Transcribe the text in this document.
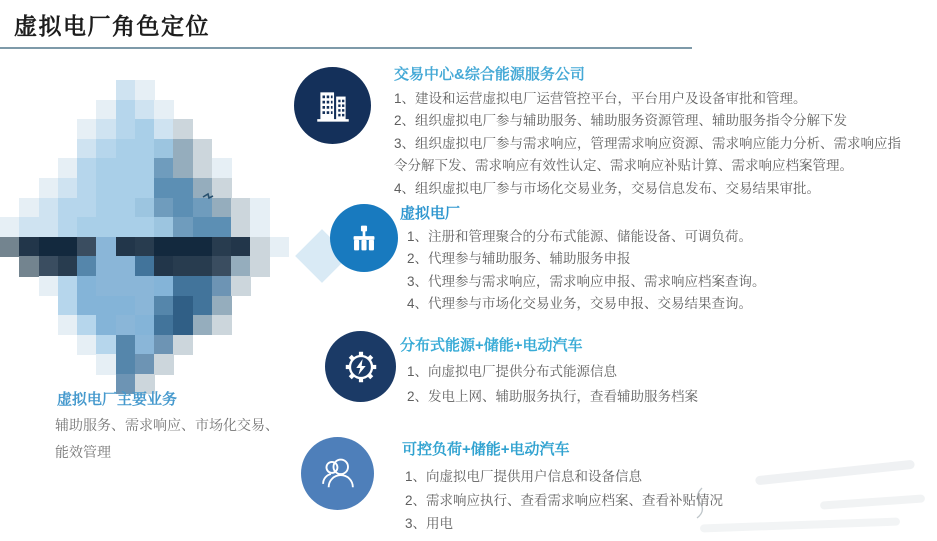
虚拟电厂角色定位
虚拟电厂主要业务
辅助服务、需求响应、市场化交易、能效管理
交易中心&综合能源服务公司
1、建设和运营虚拟电厂运营管控平台，平台用户及设备审批和管理。
2、组织虚拟电厂参与辅助服务、辅助服务资源管理、辅助服务指令分解下发
3、组织虚拟电厂参与需求响应，管理需求响应资源、需求响应能力分析、需求响应指令分解下发、需求响应有效性认定、需求响应补贴计算、需求响应档案管理。
4、组织虚拟电厂参与市场化交易业务，交易信息发布、交易结果审批。
虚拟电厂
1、注册和管理聚合的分布式能源、储能设备、可调负荷。
2、代理参与辅助服务、辅助服务申报
3、代理参与需求响应，需求响应申报、需求响应档案查询。
4、代理参与市场化交易业务，交易申报、交易结果查询。
分布式能源+储能+电动汽车
1、向虚拟电厂提供分布式能源信息
2、发电上网、辅助服务执行，查看辅助服务档案
可控负荷+储能+电动汽车
1、向虚拟电厂提供用户信息和设备信息
2、需求响应执行、查看需求响应档案、查看补贴情况
3、用电
